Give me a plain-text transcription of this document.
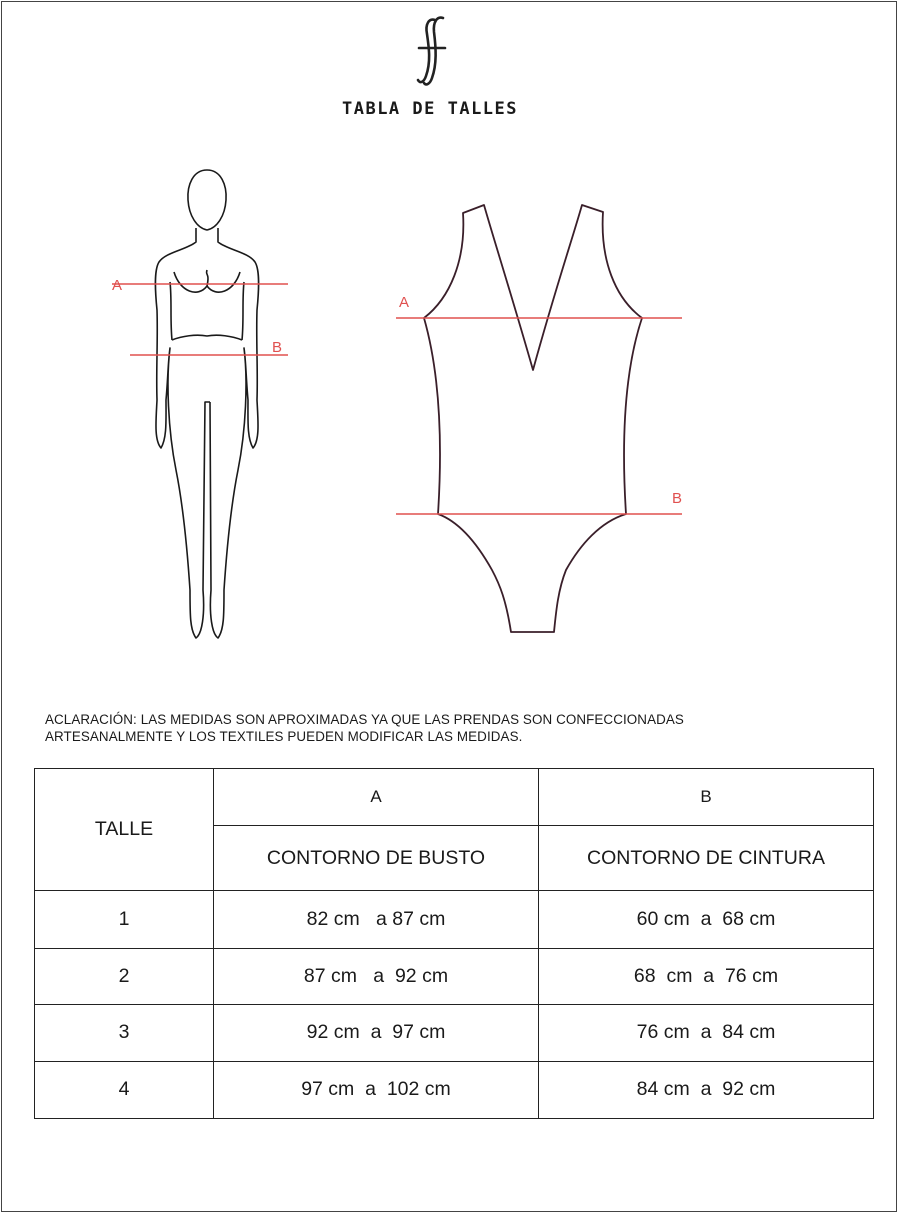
TABLA DE TALLES
A
B
A
B
ACLARACIÓN: LAS MEDIDAS SON APROXIMADAS YA QUE LAS PRENDAS SON CONFECCIONADAS
ARTESANALMENTE Y LOS TEXTILES PUEDEN MODIFICAR LAS MEDIDAS.
TALLE	A	B
	CONTORNO DE BUSTO	CONTORNO DE CINTURA
1	82 cm   a 87 cm	60 cm  a  68 cm
2	87 cm   a  92 cm	68  cm  a  76 cm
3	92 cm  a  97 cm	76 cm  a  84 cm
4	97 cm  a  102 cm	84 cm  a  92 cm
